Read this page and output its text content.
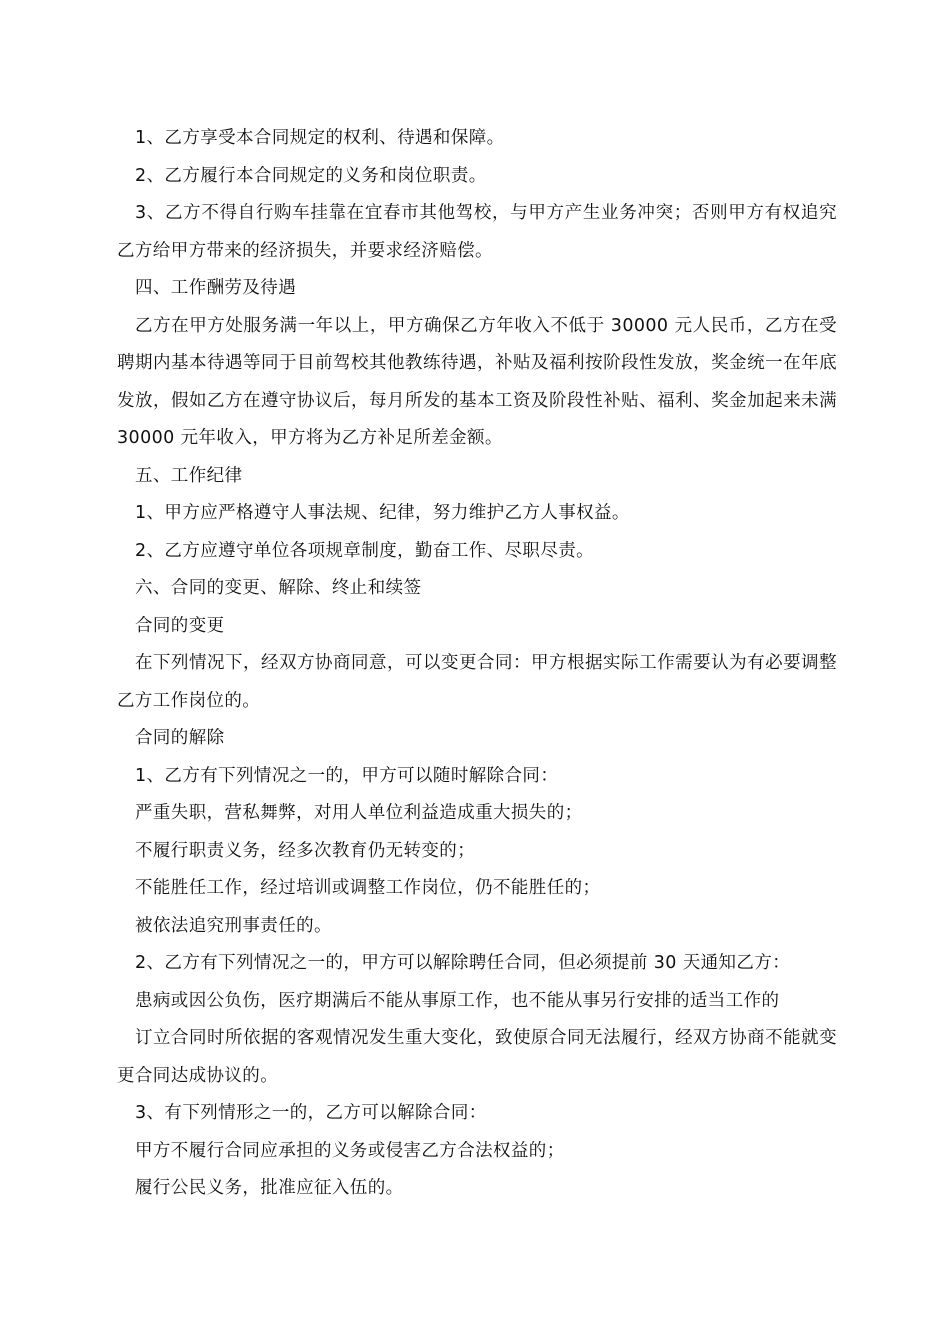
1、乙方享受本合同规定的权利、待遇和保障。

2、乙方履行本合同规定的义务和岗位职责。

3、乙方不得自行购车挂靠在宜春市其他驾校，与甲方产生业务冲突；否则甲方有权追究乙方给甲方带来的经济损失，并要求经济赔偿。

四、工作酬劳及待遇

乙方在甲方处服务满一年以上，甲方确保乙方年收入不低于 30000 元人民币，乙方在受聘期内基本待遇等同于目前驾校其他教练待遇，补贴及福利按阶段性发放，奖金统一在年底发放，假如乙方在遵守协议后，每月所发的基本工资及阶段性补贴、福利、奖金加起来未满 30000 元年收入，甲方将为乙方补足所差金额。

五、工作纪律

1、甲方应严格遵守人事法规、纪律，努力维护乙方人事权益。

2、乙方应遵守单位各项规章制度，勤奋工作、尽职尽责。

六、合同的变更、解除、终止和续签

合同的变更

在下列情况下，经双方协商同意，可以变更合同：甲方根据实际工作需要认为有必要调整乙方工作岗位的。

合同的解除

1、乙方有下列情况之一的，甲方可以随时解除合同：

严重失职，营私舞弊，对用人单位利益造成重大损失的；

不履行职责义务，经多次教育仍无转变的；

不能胜任工作，经过培训或调整工作岗位，仍不能胜任的；

被依法追究刑事责任的。

2、乙方有下列情况之一的，甲方可以解除聘任合同，但必须提前 30 天通知乙方：

患病或因公负伤，医疗期满后不能从事原工作，也不能从事另行安排的适当工作的

订立合同时所依据的客观情况发生重大变化，致使原合同无法履行，经双方协商不能就变更合同达成协议的。

3、有下列情形之一的，乙方可以解除合同：

甲方不履行合同应承担的义务或侵害乙方合法权益的；

履行公民义务，批准应征入伍的。
